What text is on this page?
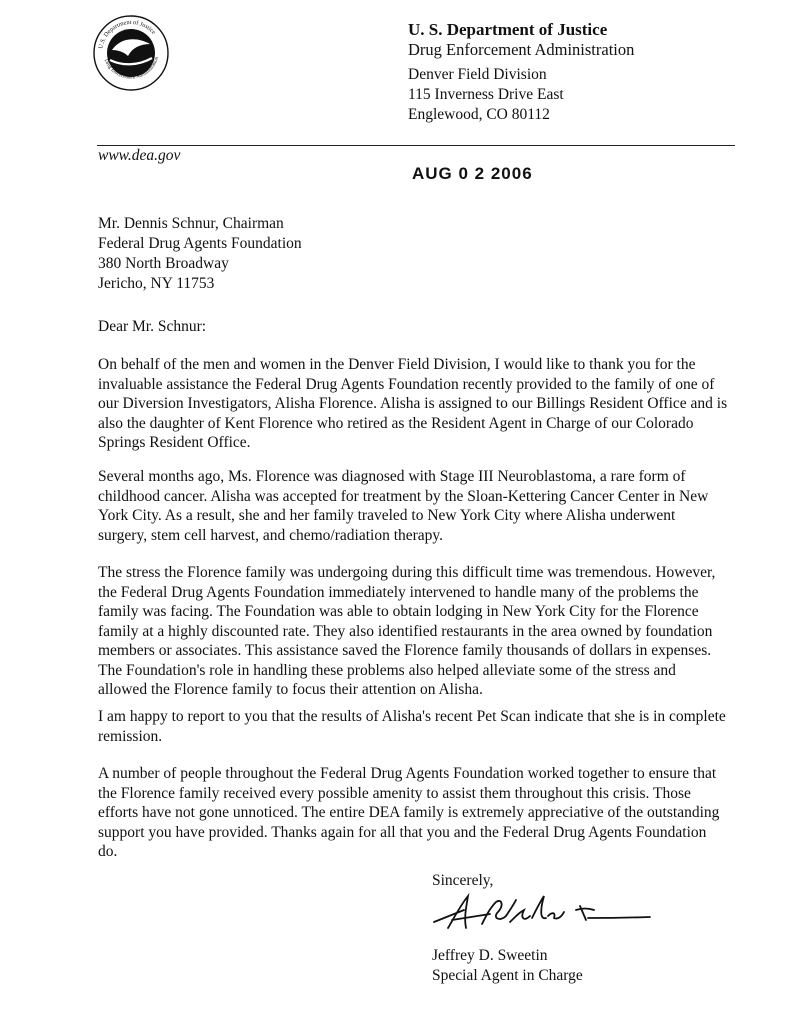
U.S. Department of Justice
Drug Enforcement Administration
U. S. Department of Justice
Drug Enforcement Administration
Denver Field Division
115 Inverness Drive East
Englewood, CO 80112
www.dea.gov
AUG 0 2 2006
Mr. Dennis Schnur, Chairman
Federal Drug Agents Foundation
380 North Broadway
Jericho, NY 11753
Dear Mr. Schnur:
On behalf of the men and women in the Denver Field Division, I would like to thank you for the invaluable assistance the Federal Drug Agents Foundation recently provided to the family of one of our Diversion Investigators, Alisha Florence. Alisha is assigned to our Billings Resident Office and is also the daughter of Kent Florence who retired as the Resident Agent in Charge of our Colorado Springs Resident Office.
Several months ago, Ms. Florence was diagnosed with Stage III Neuroblastoma, a rare form of childhood cancer. Alisha was accepted for treatment by the Sloan-Kettering Cancer Center in New York City. As a result, she and her family traveled to New York City where Alisha underwent surgery, stem cell harvest, and chemo/radiation therapy.
The stress the Florence family was undergoing during this difficult time was tremendous. However, the Federal Drug Agents Foundation immediately intervened to handle many of the problems the family was facing. The Foundation was able to obtain lodging in New York City for the Florence family at a highly discounted rate. They also identified restaurants in the area owned by foundation members or associates. This assistance saved the Florence family thousands of dollars in expenses. The Foundation's role in handling these problems also helped alleviate some of the stress and allowed the Florence family to focus their attention on Alisha.
I am happy to report to you that the results of Alisha's recent Pet Scan indicate that she is in complete remission.
A number of people throughout the Federal Drug Agents Foundation worked together to ensure that the Florence family received every possible amenity to assist them throughout this crisis. Those efforts have not gone unnoticed. The entire DEA family is extremely appreciative of the outstanding support you have provided. Thanks again for all that you and the Federal Drug Agents Foundation do.
Sincerely,
Jeffrey D. Sweetin
Special Agent in Charge
